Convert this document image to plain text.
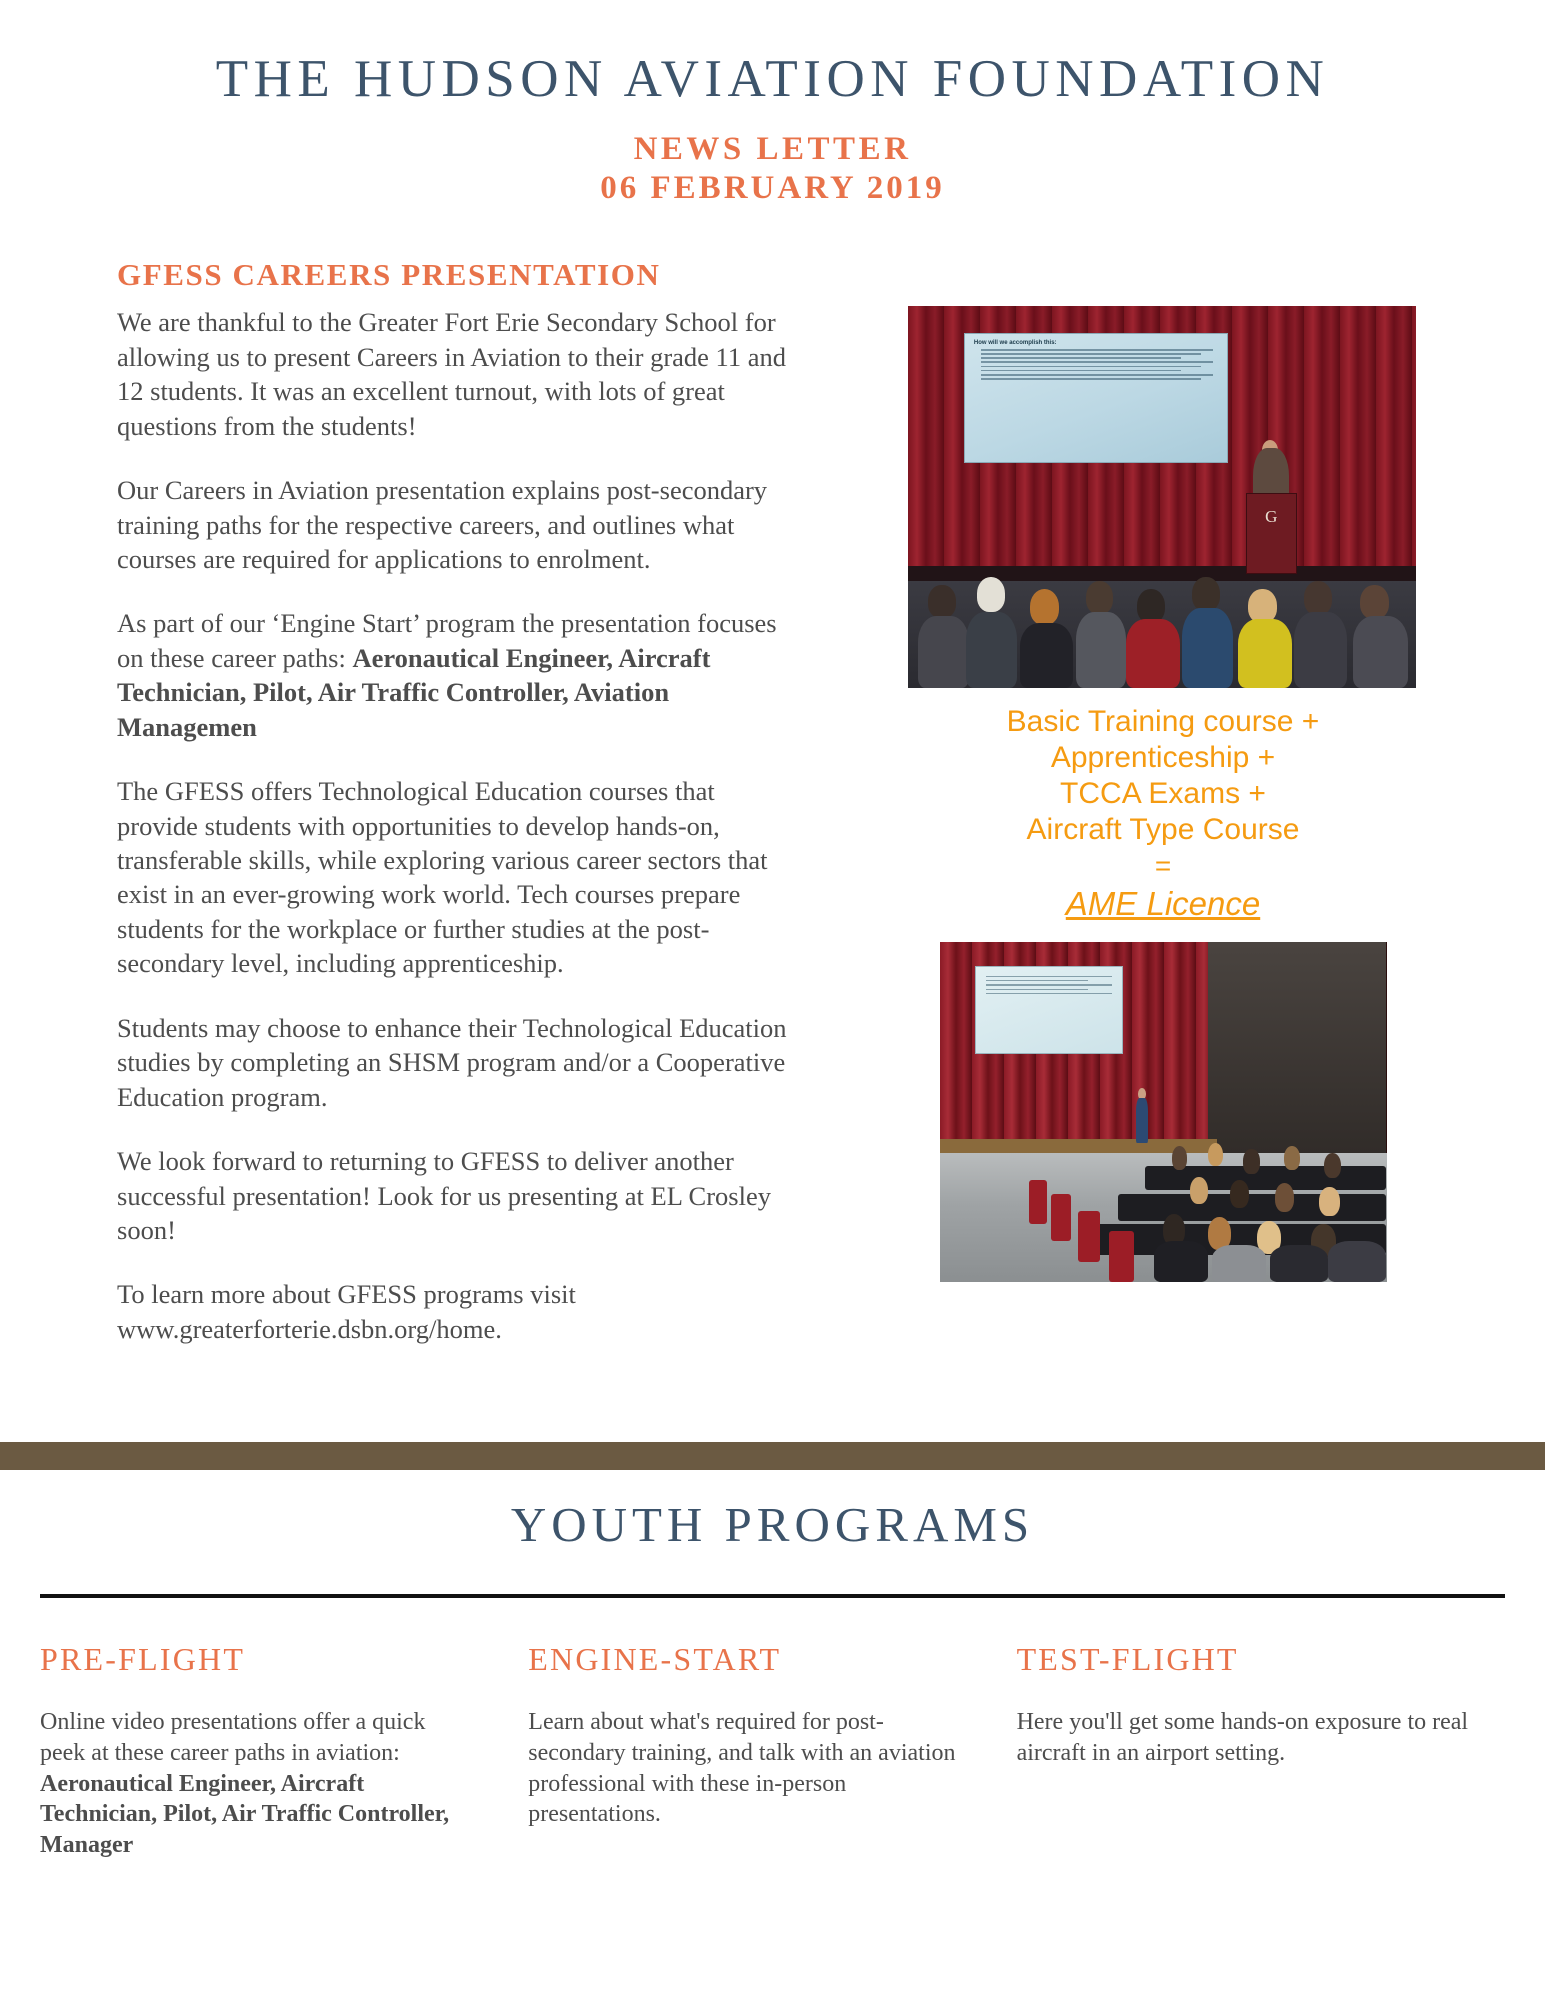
THE HUDSON AVIATION FOUNDATION
NEWS LETTER
06 FEBRUARY 2019
GFESS CAREERS PRESENTATION

We are thankful to the Greater Fort Erie Secondary School for allowing us to present Careers in Aviation to their grade 11 and 12 students. It was an excellent turnout, with lots of great questions from the students!

Our Careers in Aviation presentation explains post-secondary training paths for the respective careers, and outlines what courses are required for applications to enrolment.

As part of our ‘Engine Start’ program the presentation focuses on these career paths: Aeronautical Engineer, Aircraft Technician, Pilot, Air Traffic Controller, Aviation Managemen

The GFESS offers Technological Education courses that provide students with opportunities to develop hands-on, transferable skills, while exploring various career sectors that exist in an ever-growing work world. Tech courses prepare students for the workplace or further studies at the post-secondary level, including apprenticeship.

Students may choose to enhance their Technological Education studies by completing an SHSM program and/or a Cooperative Education program.

We look forward to returning to GFESS to deliver another successful presentation! Look for us presenting at EL Crosley soon!

To learn more about GFESS programs visit www.greaterforterie.dsbn.org/home.

How will we accomplish this:
G
Basic Training course +
Apprenticeship +
TCCA Exams +
Aircraft Type Course
=
AME Licence
YOUTH PROGRAMS
PRE-FLIGHT

Online video presentations offer a quick peek at these career paths in aviation: Aeronautical Engineer, Aircraft Technician, Pilot, Air Traffic Controller, Manager

ENGINE-START

Learn about what's required for post-secondary training, and talk with an aviation professional with these in-person presentations.

TEST-FLIGHT

Here you'll get some hands-on exposure to real aircraft in an airport setting.
